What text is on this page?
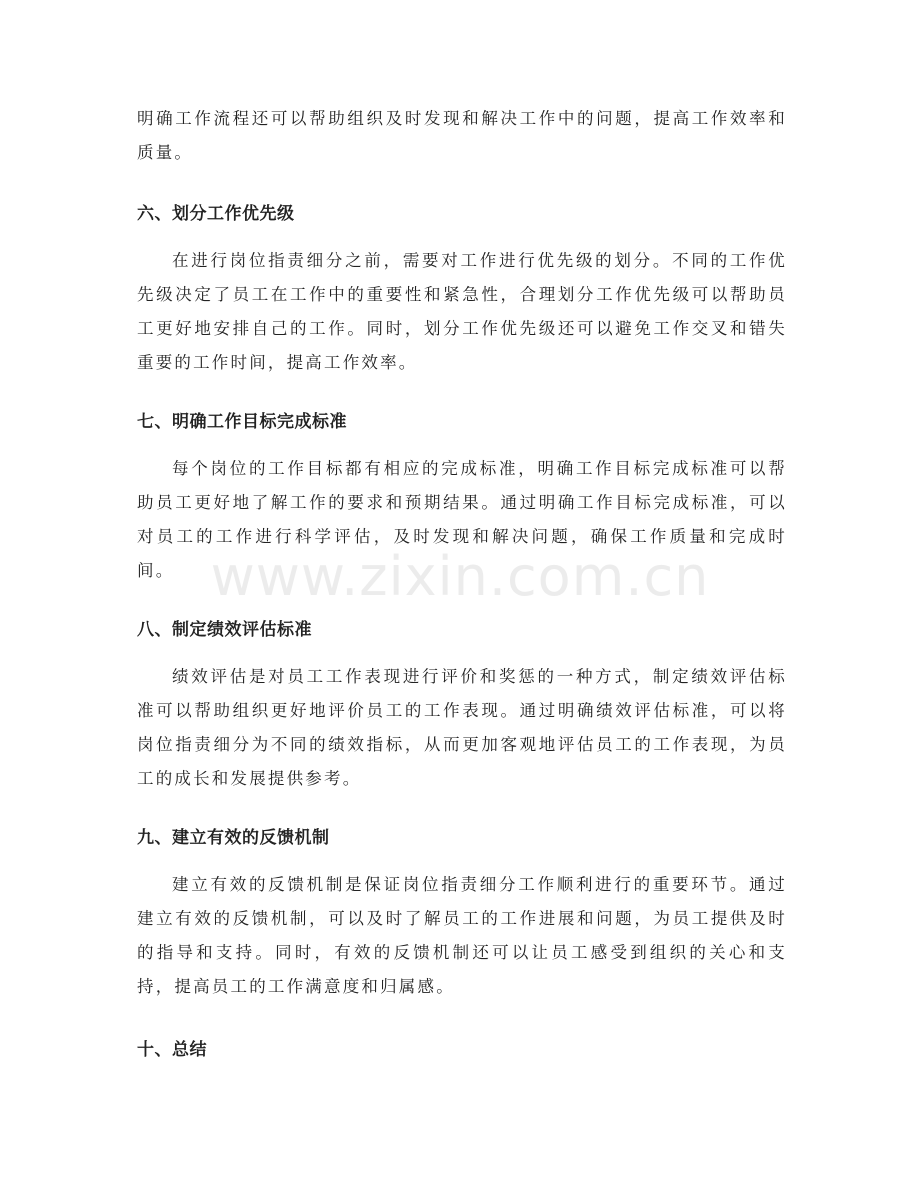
www.zixin.com.cn

明确工作流程还可以帮助组织及时发现和解决工作中的问题，提高工作效率和质量。

六、划分工作优先级

在进行岗位指责细分之前，需要对工作进行优先级的划分。不同的工作优先级决定了员工在工作中的重要性和紧急性，合理划分工作优先级可以帮助员工更好地安排自己的工作。同时，划分工作优先级还可以避免工作交叉和错失重要的工作时间，提高工作效率。

七、明确工作目标完成标准

每个岗位的工作目标都有相应的完成标准，明确工作目标完成标准可以帮助员工更好地了解工作的要求和预期结果。通过明确工作目标完成标准，可以对员工的工作进行科学评估，及时发现和解决问题，确保工作质量和完成时间。

八、制定绩效评估标准

绩效评估是对员工工作表现进行评价和奖惩的一种方式，制定绩效评估标准可以帮助组织更好地评价员工的工作表现。通过明确绩效评估标准，可以将岗位指责细分为不同的绩效指标，从而更加客观地评估员工的工作表现，为员工的成长和发展提供参考。

九、建立有效的反馈机制

建立有效的反馈机制是保证岗位指责细分工作顺利进行的重要环节。通过建立有效的反馈机制，可以及时了解员工的工作进展和问题，为员工提供及时的指导和支持。同时，有效的反馈机制还可以让员工感受到组织的关心和支持，提高员工的工作满意度和归属感。

十、总结
